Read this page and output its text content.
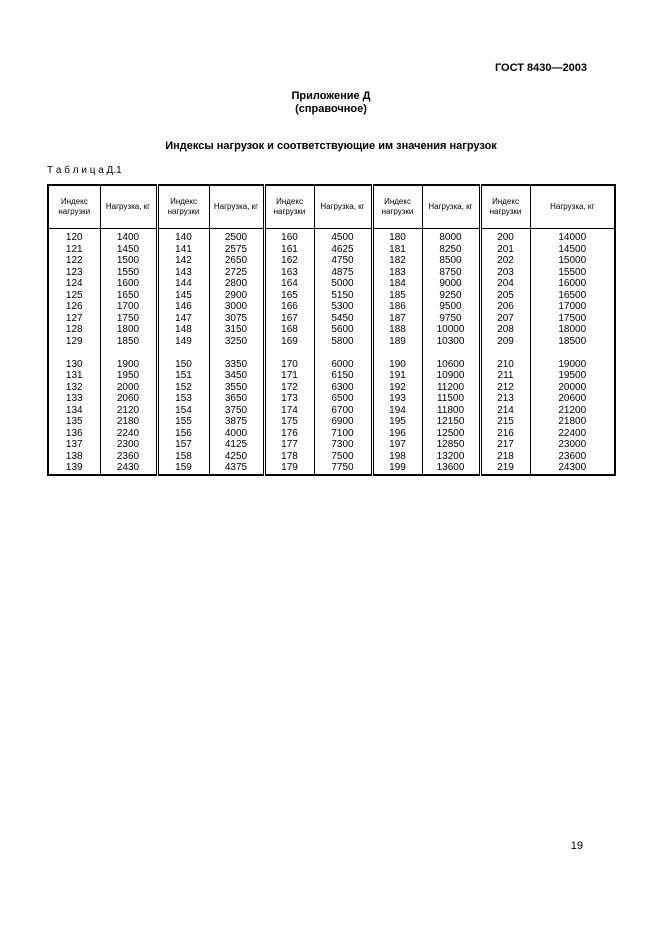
ГОСТ 8430—2003
Приложение Д
(справочное)
Индексы нагрузок и соответствующие им значения нагрузок
Т а б л и ц а Д.1
Индекс нагрузки	Нагрузка, кг	Индекс нагрузки	Нагрузка, кг	Индекс нагрузки	Нагрузка, кг	Индекс нагрузки	Нагрузка, кг	Индекс нагрузки	Нагрузка, кг
120	1400	140	2500	160	4500	180	8000	200	14000
121	1450	141	2575	161	4625	181	8250	201	14500
122	1500	142	2650	162	4750	182	8500	202	15000
123	1550	143	2725	163	4875	183	8750	203	15500
124	1600	144	2800	164	5000	184	9000	204	16000
125	1650	145	2900	165	5150	185	9250	205	16500
126	1700	146	3000	166	5300	186	9500	206	17000
127	1750	147	3075	167	5450	187	9750	207	17500
128	1800	148	3150	168	5600	188	10000	208	18000
129	1850	149	3250	169	5800	189	10300	209	18500

130	1900	150	3350	170	6000	190	10600	210	19000
131	1950	151	3450	171	6150	191	10900	211	19500
132	2000	152	3550	172	6300	192	11200	212	20000
133	2060	153	3650	173	6500	193	11500	213	20600
134	2120	154	3750	174	6700	194	11800	214	21200
135	2180	155	3875	175	6900	195	12150	215	21800
136	2240	156	4000	176	7100	196	12500	216	22400
137	2300	157	4125	177	7300	197	12850	217	23000
138	2360	158	4250	178	7500	198	13200	218	23600
139	2430	159	4375	179	7750	199	13600	219	24300
19
